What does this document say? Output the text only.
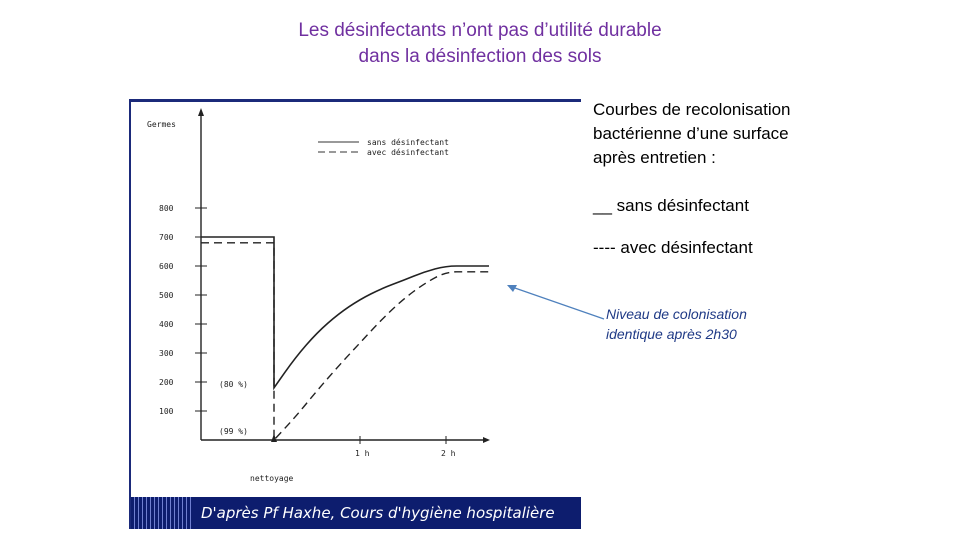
Les désinfectants n’ont pas d’utilité durable
dans la désinfection des sols
100
200
300
400
500
600
700
800
1 h	2 h
Germes
nettoyage
sans désinfectant
avec désinfectant
(80 %)
(99 %)
D'après Pf Haxhe, Cours d'hygiène hospitalière

Courbes de recolonisation

bactérienne d’une surface

après entretien :

__ sans désinfectant

---- avec désinfectant

Niveau de colonisation
identique après 2h30
